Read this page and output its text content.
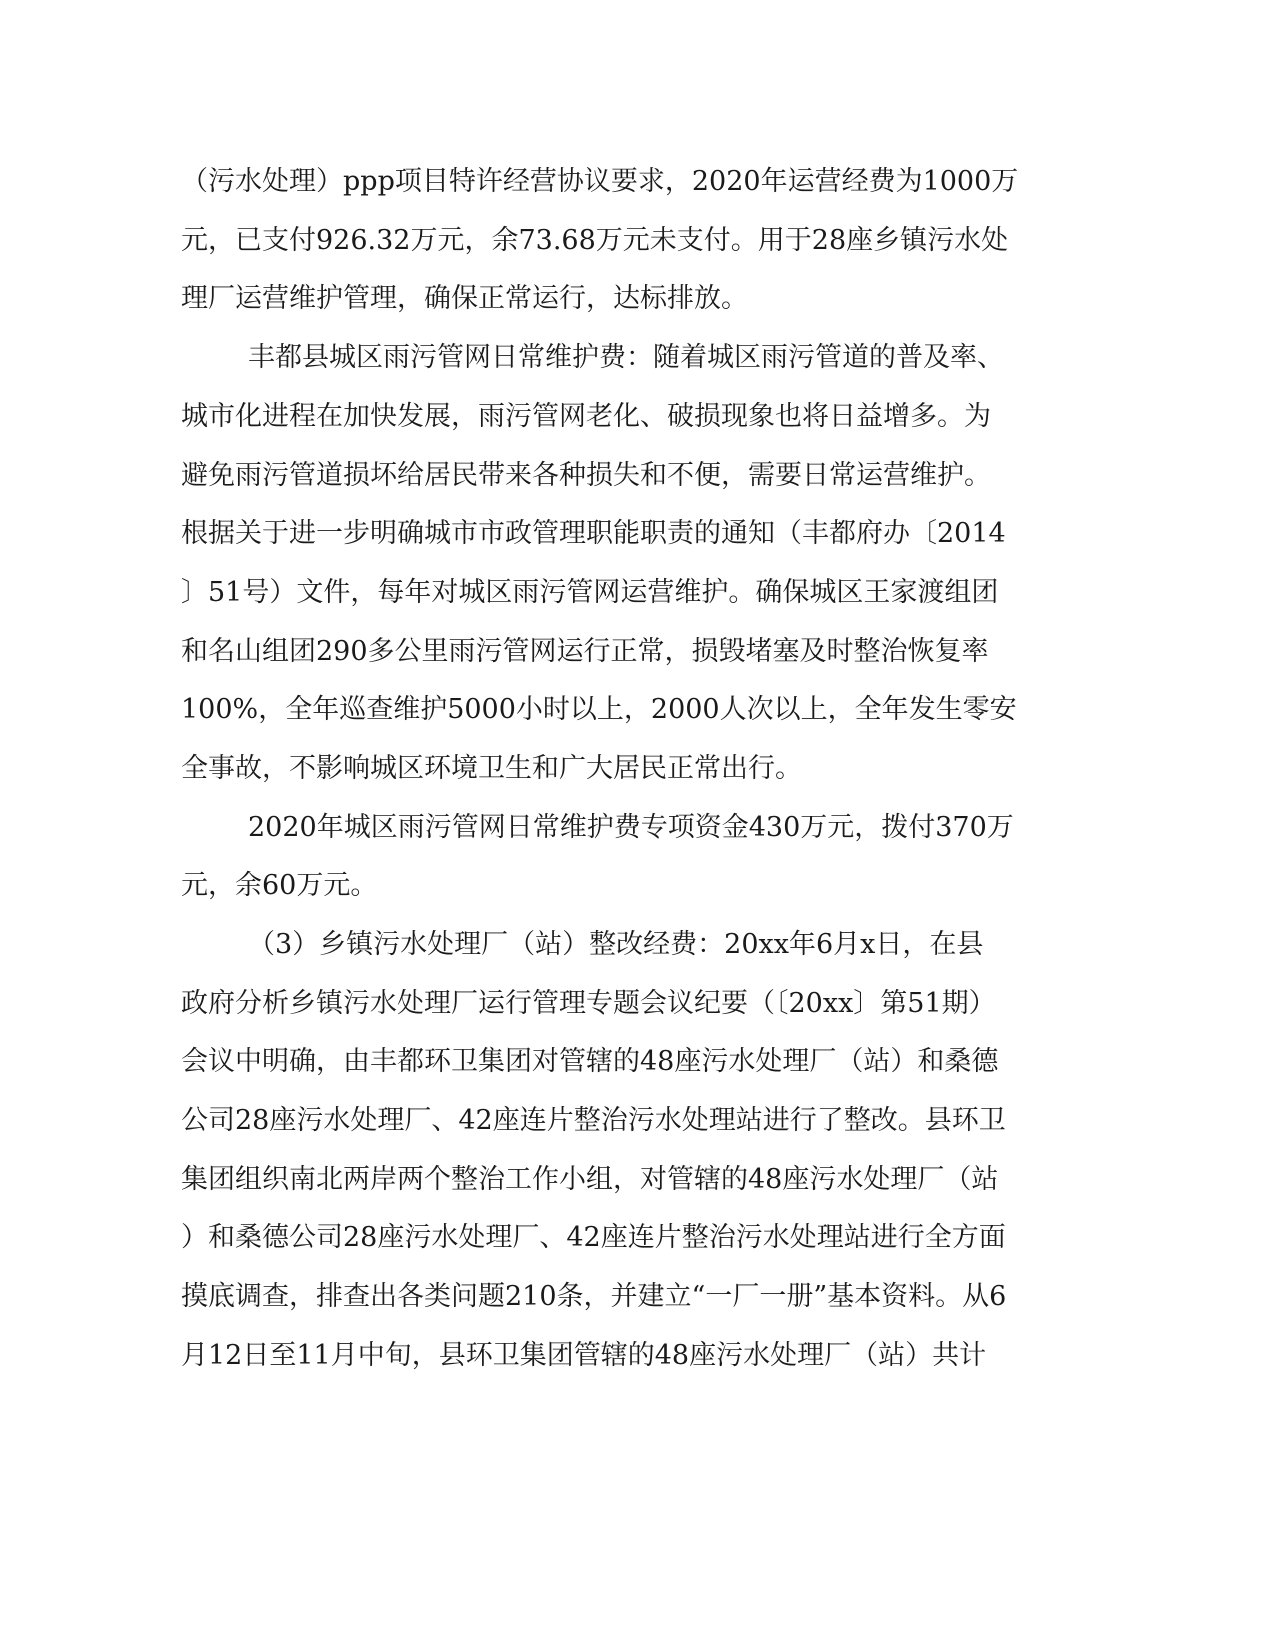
（污水处理）ppp项目特许经营协议要求，2020年运营经费为1000万
元，已支付926.32万元，余73.68万元未支付。用于28座乡镇污水处
理厂运营维护管理，确保正常运行，达标排放。
丰都县城区雨污管网日常维护费：随着城区雨污管道的普及率、
城市化进程在加快发展，雨污管网老化、破损现象也将日益增多。为
避免雨污管道损坏给居民带来各种损失和不便，需要日常运营维护。
根据关于进一步明确城市市政管理职能职责的通知（丰都府办〔2014
〕51号）文件，每年对城区雨污管网运营维护。确保城区王家渡组团
和名山组团290多公里雨污管网运行正常，损毁堵塞及时整治恢复率
100%，全年巡查维护5000小时以上，2000人次以上，全年发生零安
全事故，不影响城区环境卫生和广大居民正常出行。
2020年城区雨污管网日常维护费专项资金430万元，拨付370万
元，余60万元。
（3）乡镇污水处理厂（站）整改经费：20xx年6月x日，在县
政府分析乡镇污水处理厂运行管理专题会议纪要（〔20xx〕第51期）
会议中明确，由丰都环卫集团对管辖的48座污水处理厂（站）和桑德
公司28座污水处理厂、42座连片整治污水处理站进行了整改。县环卫
集团组织南北两岸两个整治工作小组，对管辖的48座污水处理厂（站
）和桑德公司28座污水处理厂、42座连片整治污水处理站进行全方面
摸底调查，排查出各类问题210条，并建立“一厂一册”基本资料。从6
月12日至11月中旬，县环卫集团管辖的48座污水处理厂（站）共计
